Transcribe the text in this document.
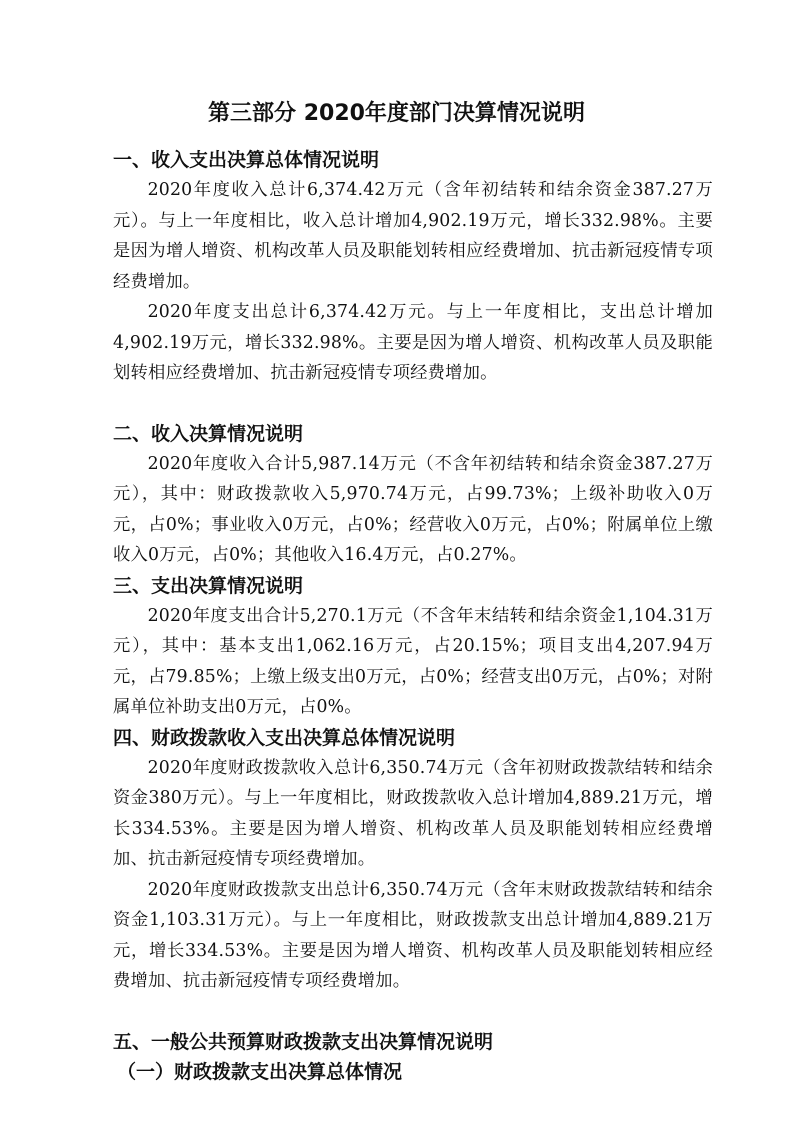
第三部分 2020年度部门决算情况说明

一、收入支出决算总体情况说明

2020年度收入总计6,374.42万元（含年初结转和结余资金387.27万元）。与上一年度相比，收入总计增加4,902.19万元，增长332.98%。主要是因为增人增资、机构改革人员及职能划转相应经费增加、抗击新冠疫情专项经费增加。

2020年度支出总计6,374.42万元。与上一年度相比，支出总计增加4,902.19万元，增长332.98%。主要是因为增人增资、机构改革人员及职能划转相应经费增加、抗击新冠疫情专项经费增加。

二、收入决算情况说明

2020年度收入合计5,987.14万元（不含年初结转和结余资金387.27万元），其中：财政拨款收入5,970.74万元，占99.73%；上级补助收入0万元，占0%；事业收入0万元，占0%；经营收入0万元，占0%；附属单位上缴收入0万元，占0%；其他收入16.4万元，占0.27%。

三、支出决算情况说明

2020年度支出合计5,270.1万元（不含年末结转和结余资金1,104.31万元），其中：基本支出1,062.16万元，占20.15%；项目支出4,207.94万元，占79.85%；上缴上级支出0万元，占0%；经营支出0万元，占0%；对附属单位补助支出0万元，占0%。

四、财政拨款收入支出决算总体情况说明

2020年度财政拨款收入总计6,350.74万元（含年初财政拨款结转和结余资金380万元）。与上一年度相比，财政拨款收入总计增加4,889.21万元，增长334.53%。主要是因为增人增资、机构改革人员及职能划转相应经费增加、抗击新冠疫情专项经费增加。

2020年度财政拨款支出总计6,350.74万元（含年末财政拨款结转和结余资金1,103.31万元）。与上一年度相比，财政拨款支出总计增加4,889.21万元，增长334.53%。主要是因为增人增资、机构改革人员及职能划转相应经费增加、抗击新冠疫情专项经费增加。

五、一般公共预算财政拨款支出决算情况说明

（一）财政拨款支出决算总体情况
